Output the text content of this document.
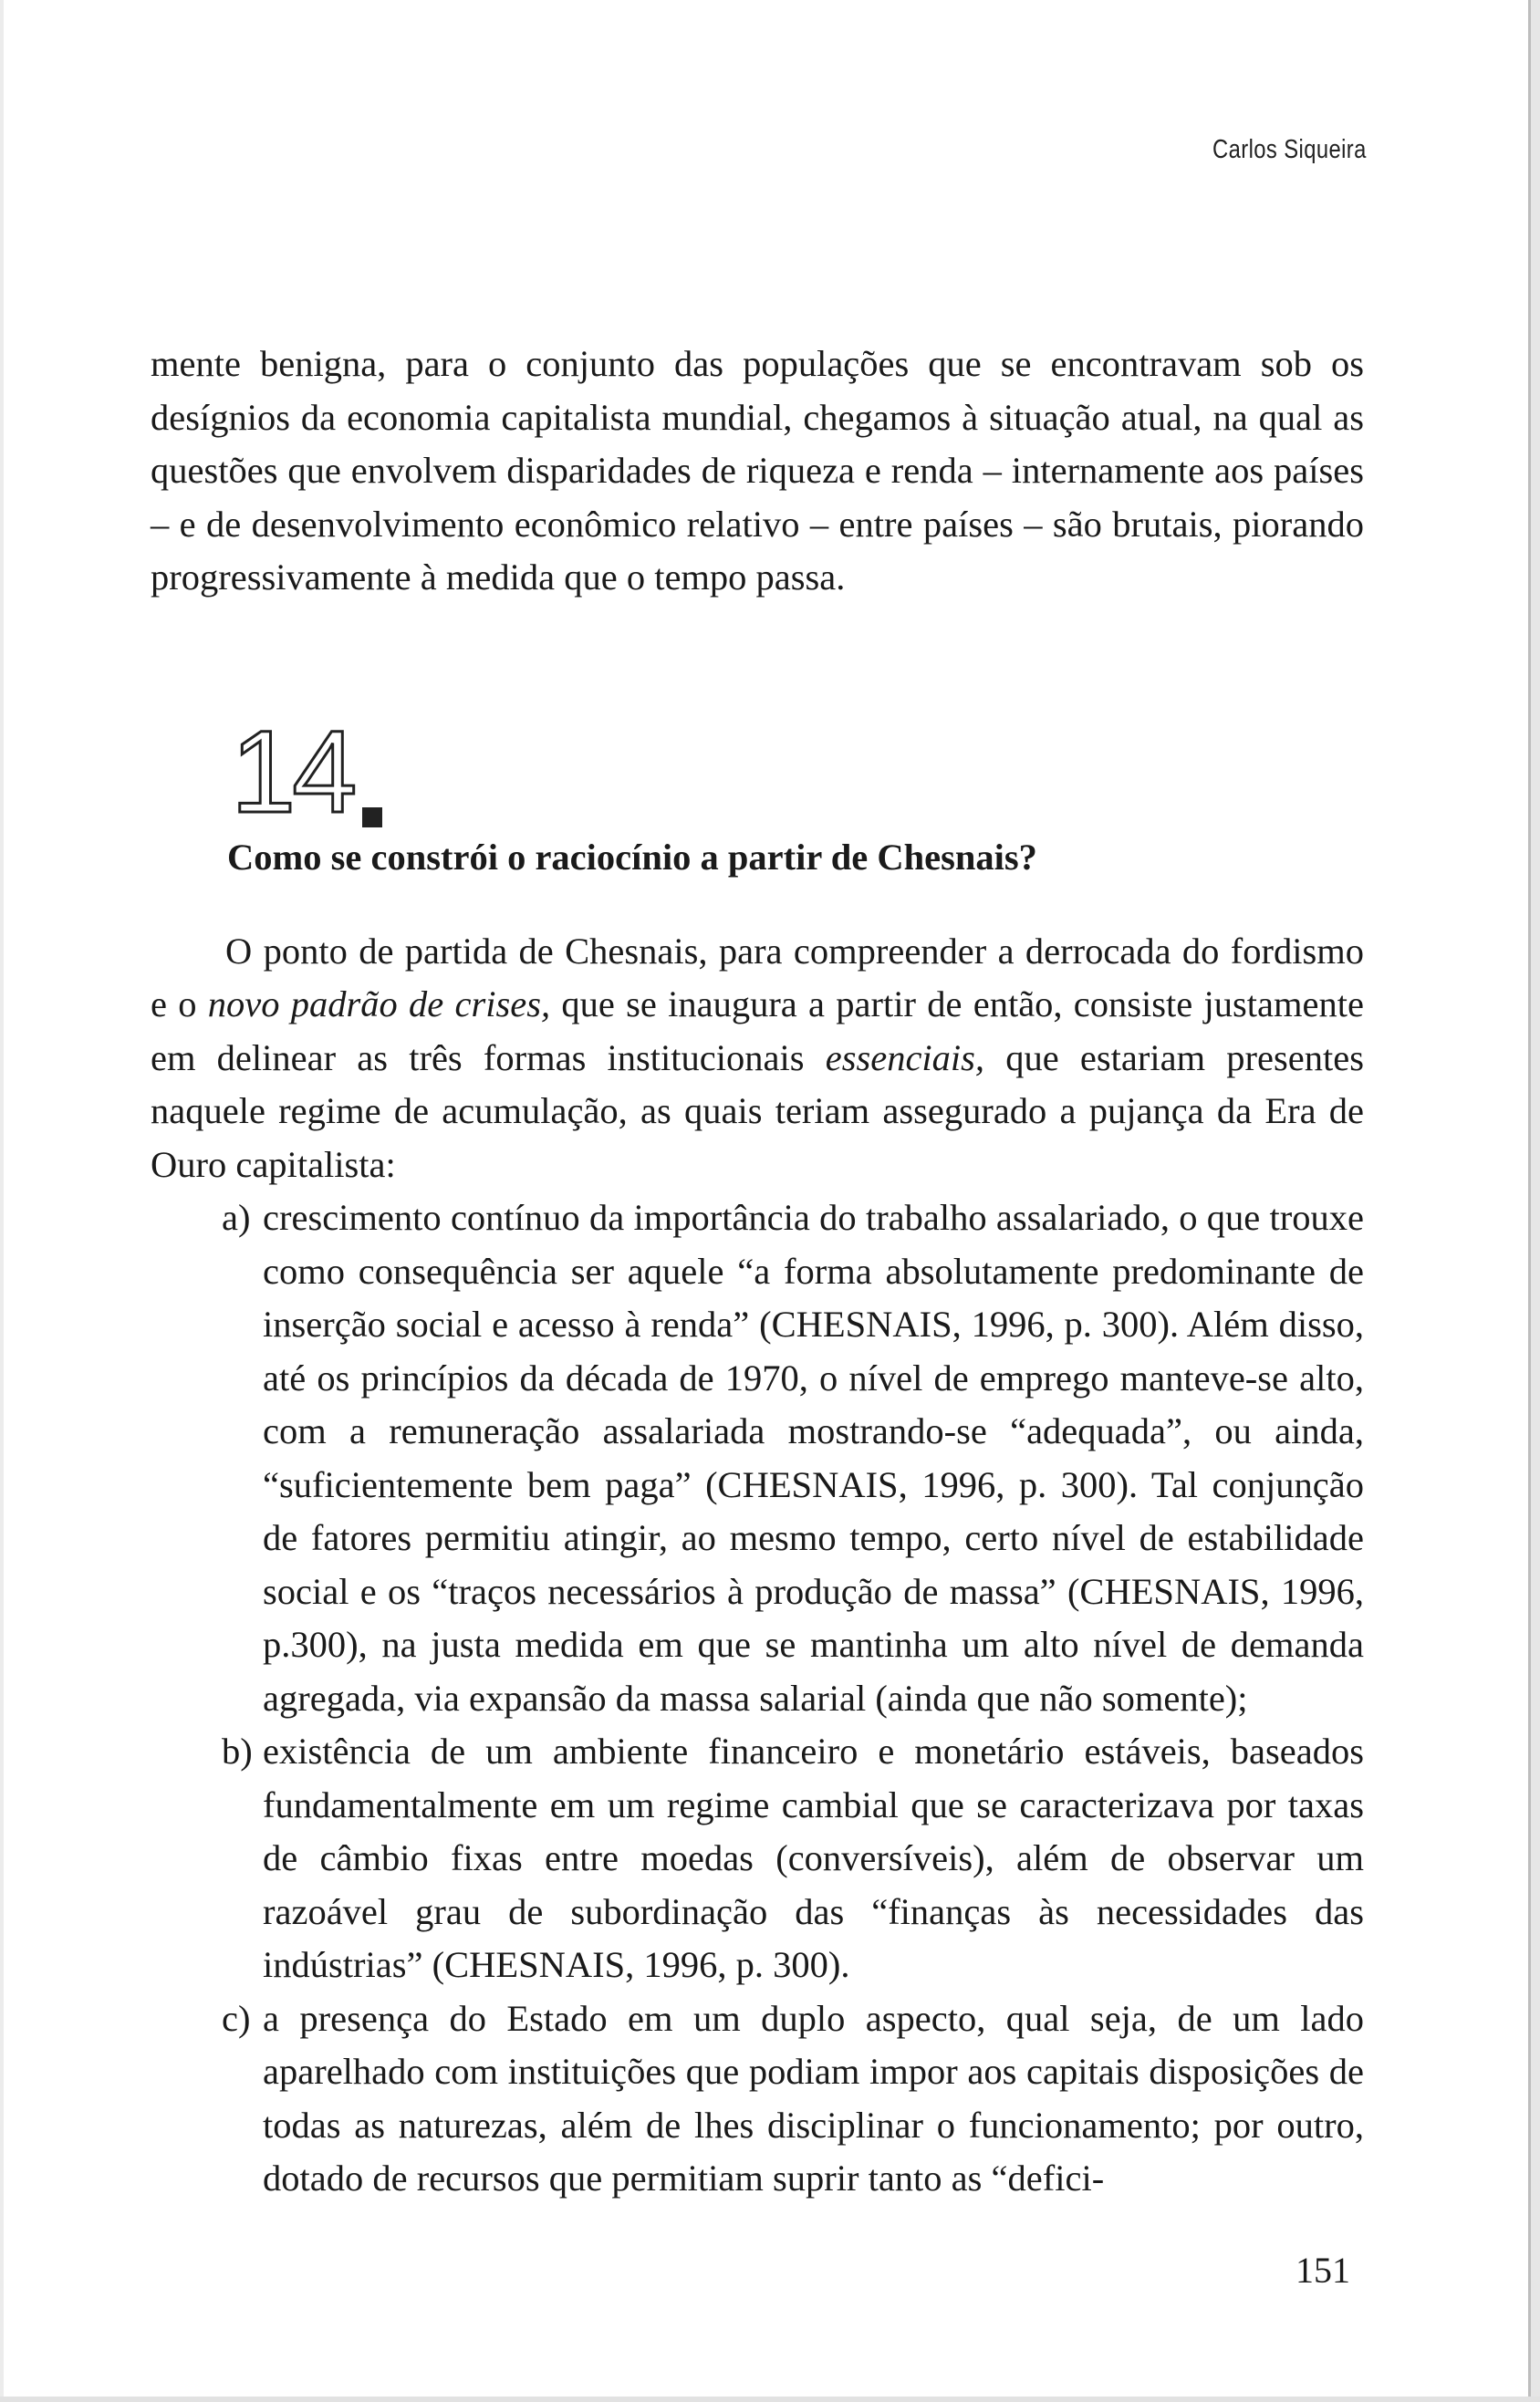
Carlos Siqueira

mente benigna, para o conjunto das populações que se encontravam sob os desígnios da economia capitalista mundial, chegamos à situação atual, na qual as questões que envolvem disparidades de riqueza e renda – internamente aos países – e de desenvolvimento econômico relativo – entre países – são brutais, piorando progressivamente à medida que o tempo passa.

14

Como se constrói o raciocínio a partir de Chesnais?

O ponto de partida de Chesnais, para compreender a derrocada do fordismo e o novo padrão de crises, que se inaugura a partir de então, consiste justamente em delinear as três formas institucionais essenciais, que estariam presentes naquele regime de acumulação, as quais teriam assegurado a pujança da Era de Ouro capitalista:

a) crescimento contínuo da importância do trabalho assalariado, o que trouxe como consequência ser aquele “a forma absolutamente predominante de inserção social e acesso à renda” (CHESNAIS, 1996, p. 300). Além disso, até os princípios da década de 1970, o nível de emprego manteve-se alto, com a remuneração assalariada mostrando-se “adequada”, ou ainda, “suficientemente bem paga” (CHESNAIS, 1996, p. 300). Tal conjunção de fatores permitiu atingir, ao mesmo tempo, certo nível de estabilidade social e os “traços necessários à produção de massa” (CHESNAIS, 1996, p.300), na justa medida em que se mantinha um alto nível de demanda agregada, via expansão da massa salarial (ainda que não somente);
b) existência de um ambiente financeiro e monetário estáveis, baseados fundamentalmente em um regime cambial que se caracterizava por taxas de câmbio fixas entre moedas (conversíveis), além de observar um razoável grau de subordinação das “finanças às necessidades das indústrias” (CHESNAIS, 1996, p. 300).
c) a presença do Estado em um duplo aspecto, qual seja, de um lado aparelhado com instituições que podiam impor aos capitais disposições de todas as naturezas, além de lhes disciplinar o funcionamento; por outro, dotado de recursos que permitiam suprir tanto as “defici-
151
